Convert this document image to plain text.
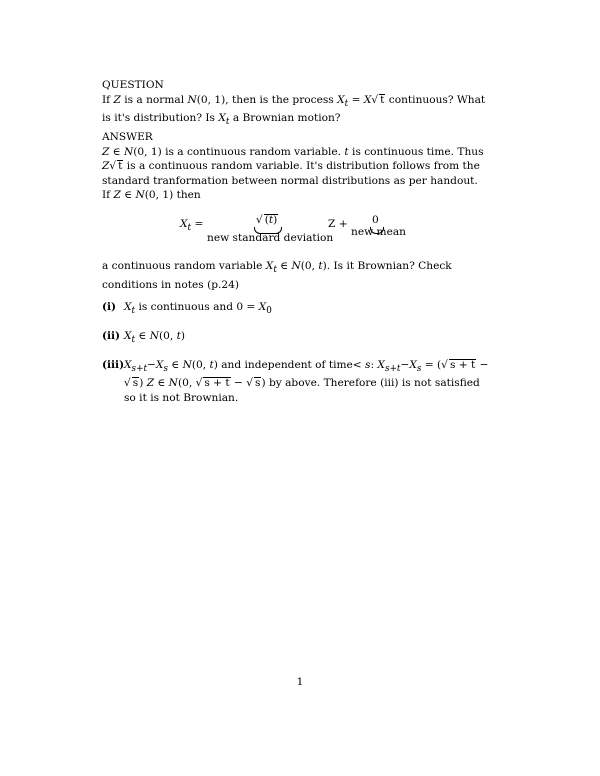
QUESTION
If Z is a normal N(0, 1), then is the process $X_t = X√$ t continuous? What is it's distribution? Is $X_t$ a Brownian motion?
ANSWER
Z ∈ N(0, 1) is a continuous random variable. t is continuous time. Thus Z√ t is a continuous random variable. It's distribution follows from the standard tranformation between normal distributions as per handout.
If Z ∈ N(0, 1) then
$X_t$ =	√ (t)
new standard deviation
Z + 0
new mean
a continuous random variable $X_t$ ∈ N(0, t). Is it Brownian? Check conditions in notes (p.24)
(i) $X_t$ is continuous and $0 = X_0$
(ii) $X_t$ ∈ N(0, t)
(iii) $X_{s+t}-X_s$ ∈ N(0, t) and independent of time< s: $X_{s+t}-X_s$ = (√ s + t − √ s) Z ∈ N(0, √ s + t − √ s) by above. Therefore (iii) is not satisfied so it is not Brownian.
1
